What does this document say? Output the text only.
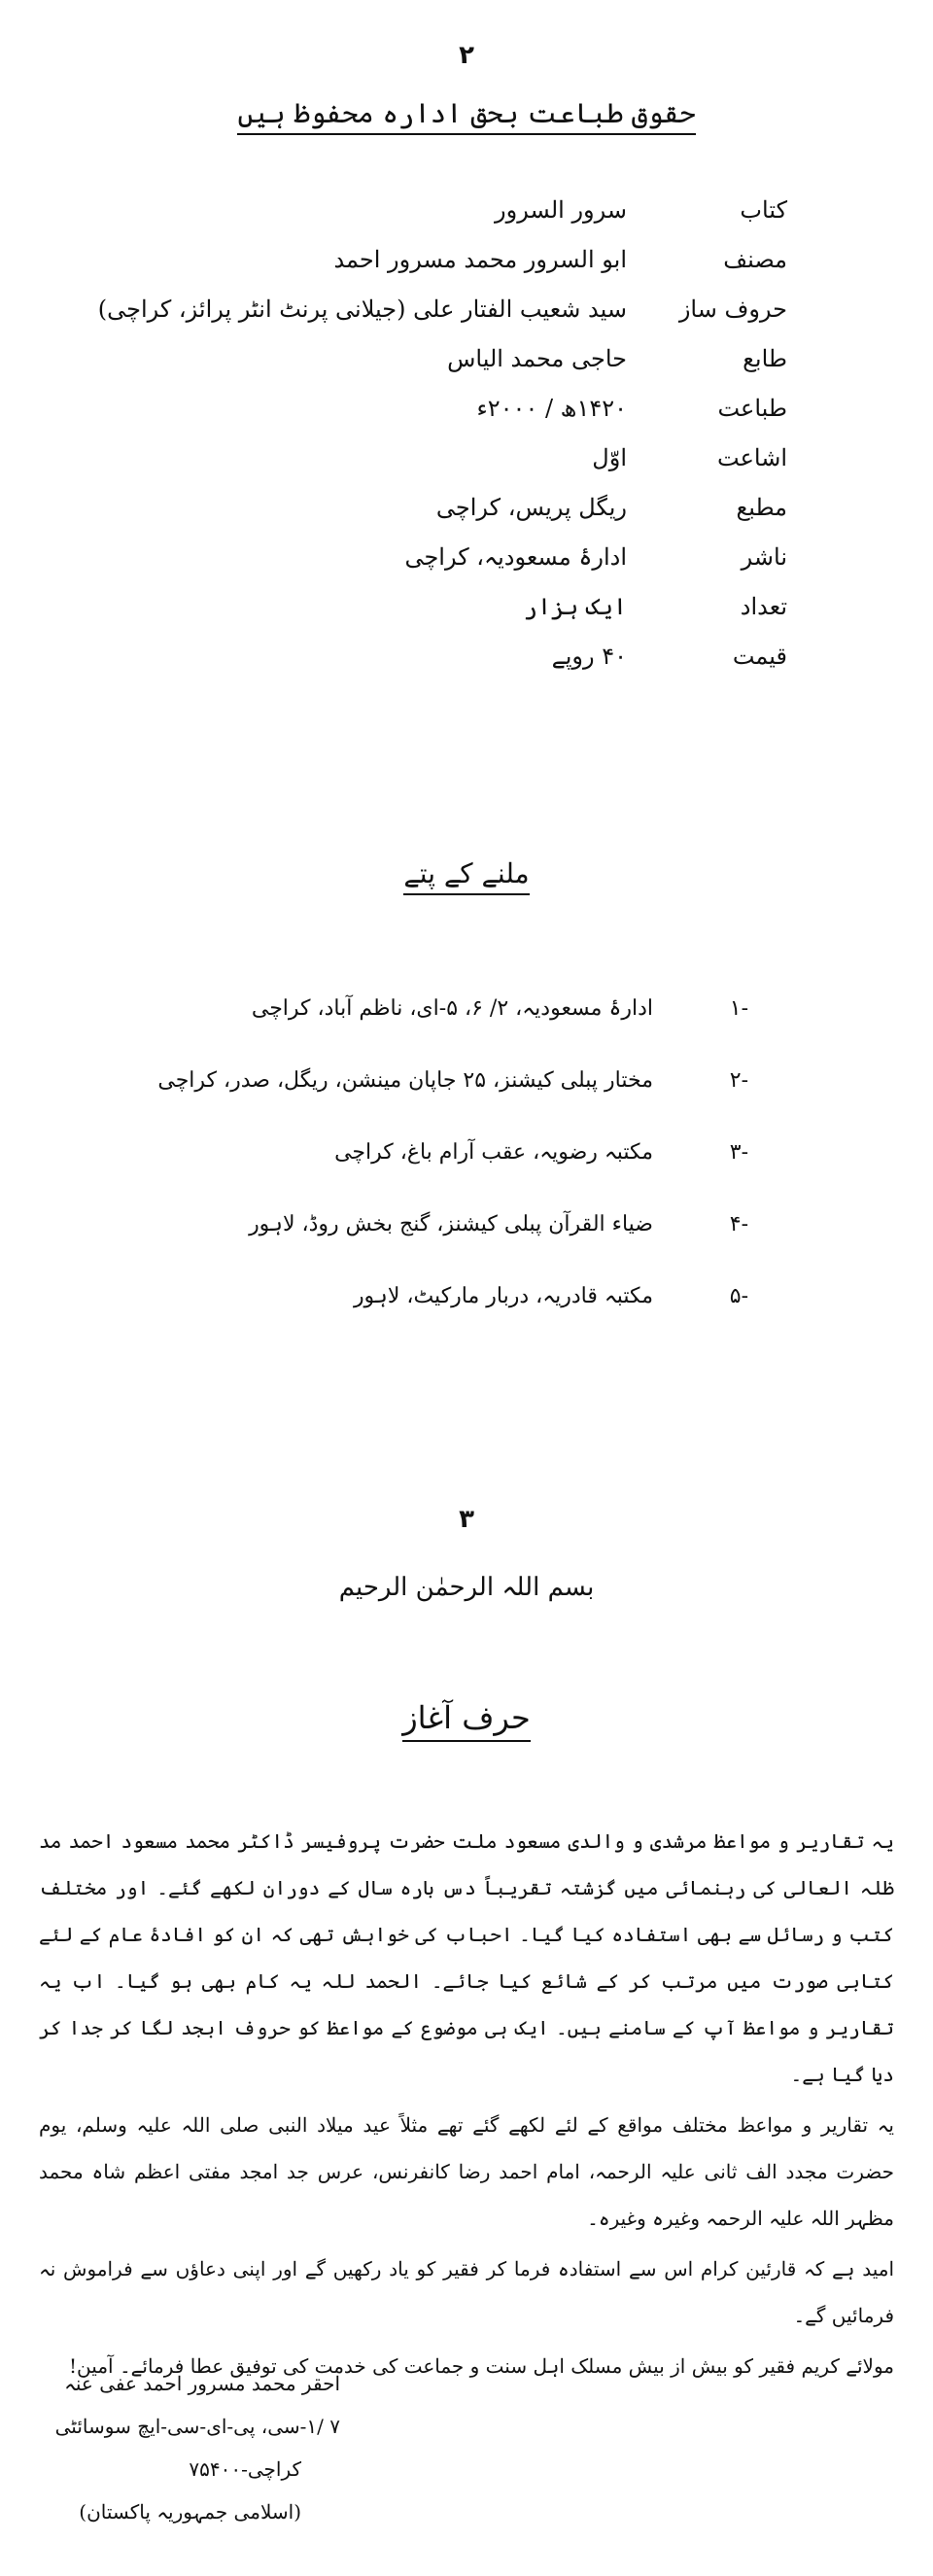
۲
حقوق طباعت بحق ادارہ محفوظ ہیں
کتاب
سرور السرور
مصنف
ابو السرور محمد مسرور احمد
حروف ساز
سید شعیب الفتار علی (جیلانی پرنٹ انٹر پرائز، کراچی)
طابع
حاجی محمد الیاس
طباعت
۱۴۲۰ھ / ۲۰۰۰ء
اشاعت
اوّل
مطبع
ریگل پریس، کراچی
ناشر
ادارۂ مسعودیہ، کراچی
تعداد
ایک ہزار
قیمت
۴۰ روپے
ملنے کے پتے
-۱
ادارۂ مسعودیہ، ۲/ ۶، ۵-ای، ناظم آباد، کراچی
-۲
مختار پبلی کیشنز، ۲۵ جاپان مینشن، ریگل، صدر، کراچی
-۳
مکتبہ رضویہ، عقب آرام باغ، کراچی
-۴
ضیاء القرآن پبلی کیشنز، گنج بخش روڈ، لاہور
-۵
مکتبہ قادریہ، دربار مارکیٹ، لاہور
۳
بسم اللہ الرحمٰن الرحیم
حرف آغاز

یہ تقاریر و مواعظ مرشدی و والدی مسعود ملت حضرت پروفیسر ڈاکٹر محمد مسعود احمد مد ظلہ العالی کی رہنمائی میں گزشتہ تقریباً دس بارہ سال کے دوران لکھے گئے۔ اور مختلف کتب و رسائل سے بھی استفادہ کیا گیا۔ احباب کی خواہش تھی کہ ان کو افادۂ عام کے لئے کتابی صورت میں مرتب کر کے شائع کیا جائے۔ الحمد للہ یہ کام بھی ہو گیا۔ اب یہ تقاریر و مواعظ آپ کے سامنے ہیں۔ ایک ہی موضوع کے مواعظ کو حروف ابجد لگا کر جدا کر دیا گیا ہے۔

یہ تقاریر و مواعظ مختلف مواقع کے لئے لکھے گئے تھے مثلاً عید میلاد النبی صلی اللہ علیہ وسلم، یوم حضرت مجدد الف ثانی علیہ الرحمہ، امام احمد رضا کانفرنس، عرس جد امجد مفتی اعظم شاہ محمد مظہر اللہ علیہ الرحمہ وغیرہ وغیرہ۔

امید ہے کہ قارئین کرام اس سے استفادہ فرما کر فقیر کو یاد رکھیں گے اور اپنی دعاؤں سے فراموش نہ فرمائیں گے۔

مولائے کریم فقیر کو بیش از بیش مسلک اہل سنت و جماعت کی خدمت کی توفیق عطا فرمائے۔ آمین!

احقر محمد مسرور احمد عفی عنہ
۷ /۱-سی، پی-ای-سی-ایچ سوسائٹی
کراچی-۷۵۴۰۰
(اسلامی جمہوریہ پاکستان)
